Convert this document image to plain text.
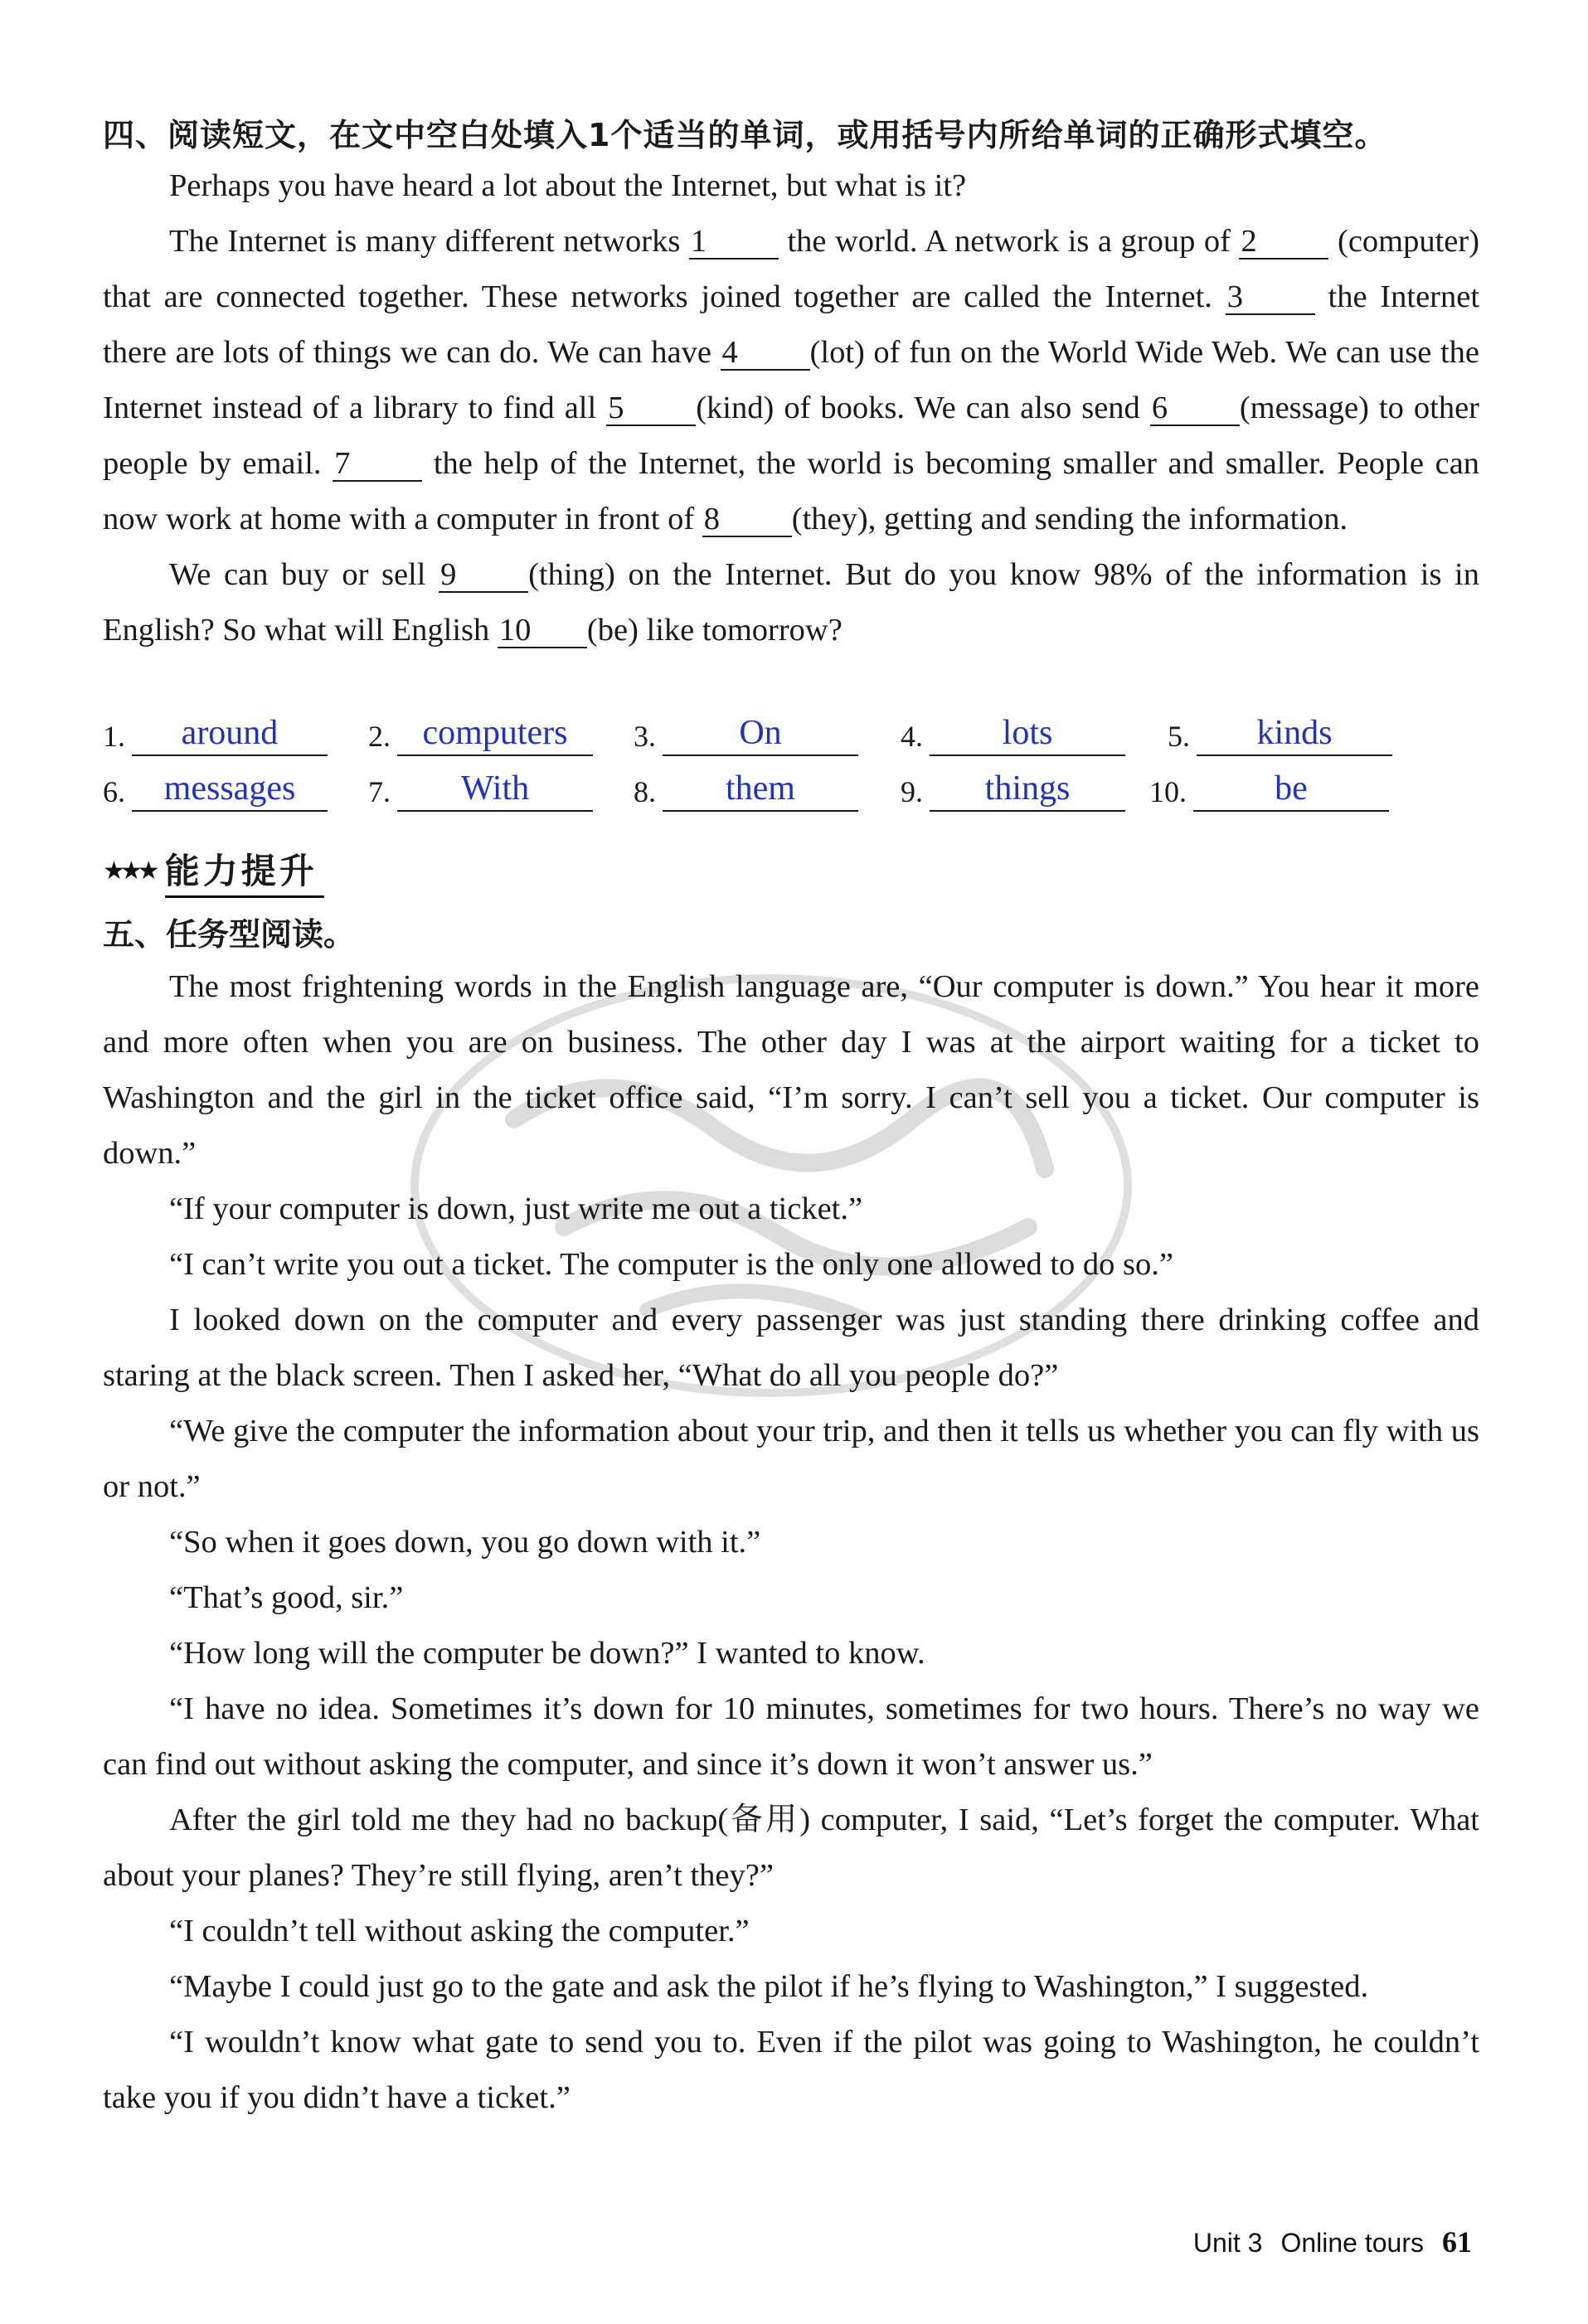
四、阅读短文，在文中空白处填入1个适当的单词，或用括号内所给单词的正确形式填空。

Perhaps you have heard a lot about the Internet, but what is it?

The Internet is many different networks 1	the world. A network is a group of 2	(computer) that are connected together. These networks joined together are called the Internet. 3	the Internet there are lots of things we can do. We can have 4 (lot) of fun on the World Wide Web. We can use the Internet instead of a library to find all 5 (kind) of books. We can also send 6 (message) to other people by email. 7	the help of the Internet, the world is becoming smaller and smaller. People can now work at home with a computer in front of 8 (they), getting and sending the information.

We can buy or sell 9 (thing) on the Internet. But do you know 98% of the information is in English? So what will English 10 (be) like tomorrow?

1.	around	2. computers	3.	On	4.	lots	5.	kinds
6.	messages	7.	With	8.	them	9.	things	10.	be
★★★ 能力提升
五、任务型阅读。

The most frightening words in the English language are, “Our computer is down.” You hear it more and more often when you are on business. The other day I was at the airport waiting for a ticket to Washington and the girl in the ticket office said, “I’m sorry. I can’t sell you a ticket. Our computer is down.”

“If your computer is down, just write me out a ticket.”

“I can’t write you out a ticket. The computer is the only one allowed to do so.”

I looked down on the computer and every passenger was just standing there drinking coffee and staring at the black screen. Then I asked her, “What do all you people do?”

“We give the computer the information about your trip, and then it tells us whether you can fly with us or not.”

“So when it goes down, you go down with it.”

“That’s good, sir.”

“How long will the computer be down?” I wanted to know.

“I have no idea. Sometimes it’s down for 10 minutes, sometimes for two hours. There’s no way we can find out without asking the computer, and since it’s down it won’t answer us.”

After the girl told me they had no backup(备用) computer, I said, “Let’s forget the computer. What about your planes? They’re still flying, aren’t they?”

“I couldn’t tell without asking the computer.”

“Maybe I could just go to the gate and ask the pilot if he’s flying to Washington,” I suggested.

“I wouldn’t know what gate to send you to. Even if the pilot was going to Washington, he couldn’t take you if you didn’t have a ticket.”

Unit 3 Online tours 61
